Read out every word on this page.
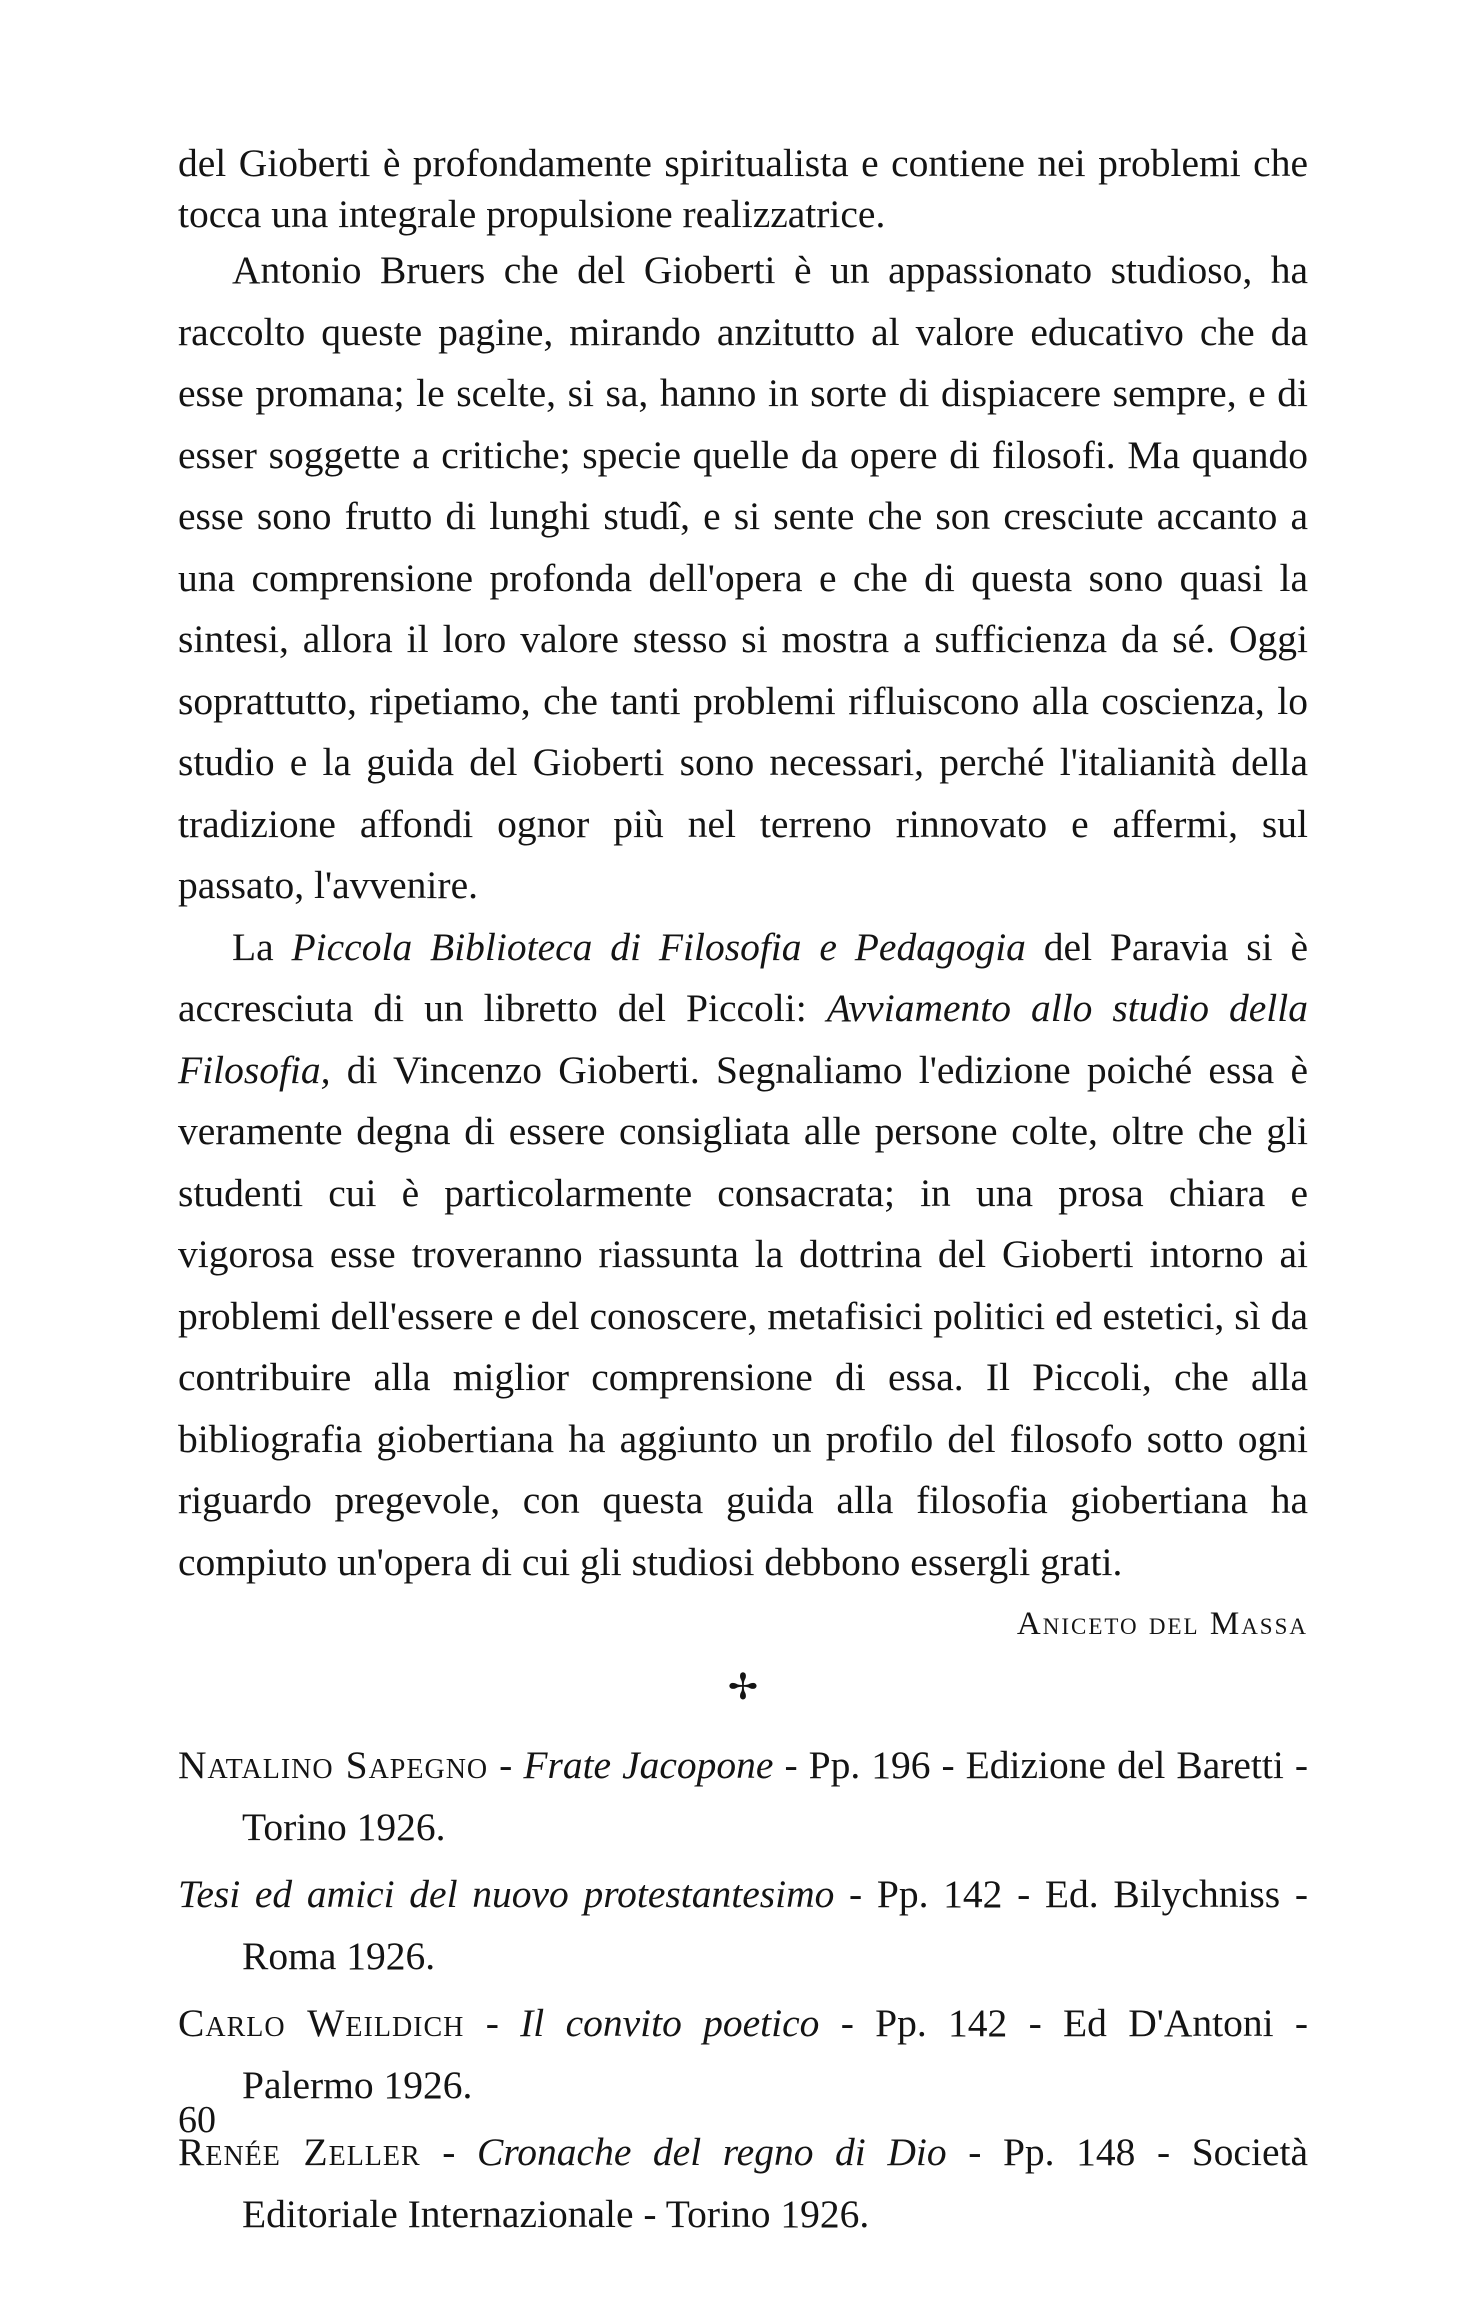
del Gioberti è profondamente spiritualista e contiene nei problemi che tocca una integrale propulsione realizzatrice.

Antonio Bruers che del Gioberti è un appassionato studioso, ha raccolto queste pagine, mirando anzitutto al valore educativo che da esse promana; le scelte, si sa, hanno in sorte di dispiacere sempre, e di esser soggette a critiche; specie quelle da opere di filosofi. Ma quando esse sono frutto di lunghi studî, e si sente che son cresciute accanto a una comprensione profonda dell'opera e che di questa sono quasi la sintesi, allora il loro valore stesso si mostra a sufficienza da sé. Oggi soprattutto, ripetiamo, che tanti problemi rifluiscono alla coscienza, lo studio e la guida del Gioberti sono necessari, perché l'italianità della tradizione affondi ognor più nel terreno rinnovato e affermi, sul passato, l'avvenire.

La Piccola Biblioteca di Filosofia e Pedagogia del Paravia si è accresciuta di un libretto del Piccoli: Avviamento allo studio della Filosofia, di Vincenzo Gioberti. Segnaliamo l'edizione poiché essa è veramente degna di essere consigliata alle persone colte, oltre che gli studenti cui è particolarmente consacrata; in una prosa chiara e vigorosa esse troveranno riassunta la dottrina del Gioberti intorno ai problemi dell'essere e del conoscere, metafisici politici ed estetici, sì da contribuire alla miglior comprensione di essa. Il Piccoli, che alla bibliografia giobertiana ha aggiunto un profilo del filosofo sotto ogni riguardo pregevole, con questa guida alla filosofia giobertiana ha compiuto un'opera di cui gli studiosi debbono essergli grati.

Aniceto del Massa
✢
Natalino Sapegno - Frate Jacopone - Pp. 196 - Edizione del Baretti - Torino 1926.
Tesi ed amici del nuovo protestantesimo - Pp. 142 - Ed. Bilychniss - Roma 1926.
Carlo Weildich - Il convito poetico - Pp. 142 - Ed D'Antoni - Palermo 1926.
Renée Zeller - Cronache del regno di Dio - Pp. 148 - Società Editoriale Internazionale - Torino 1926.
60
